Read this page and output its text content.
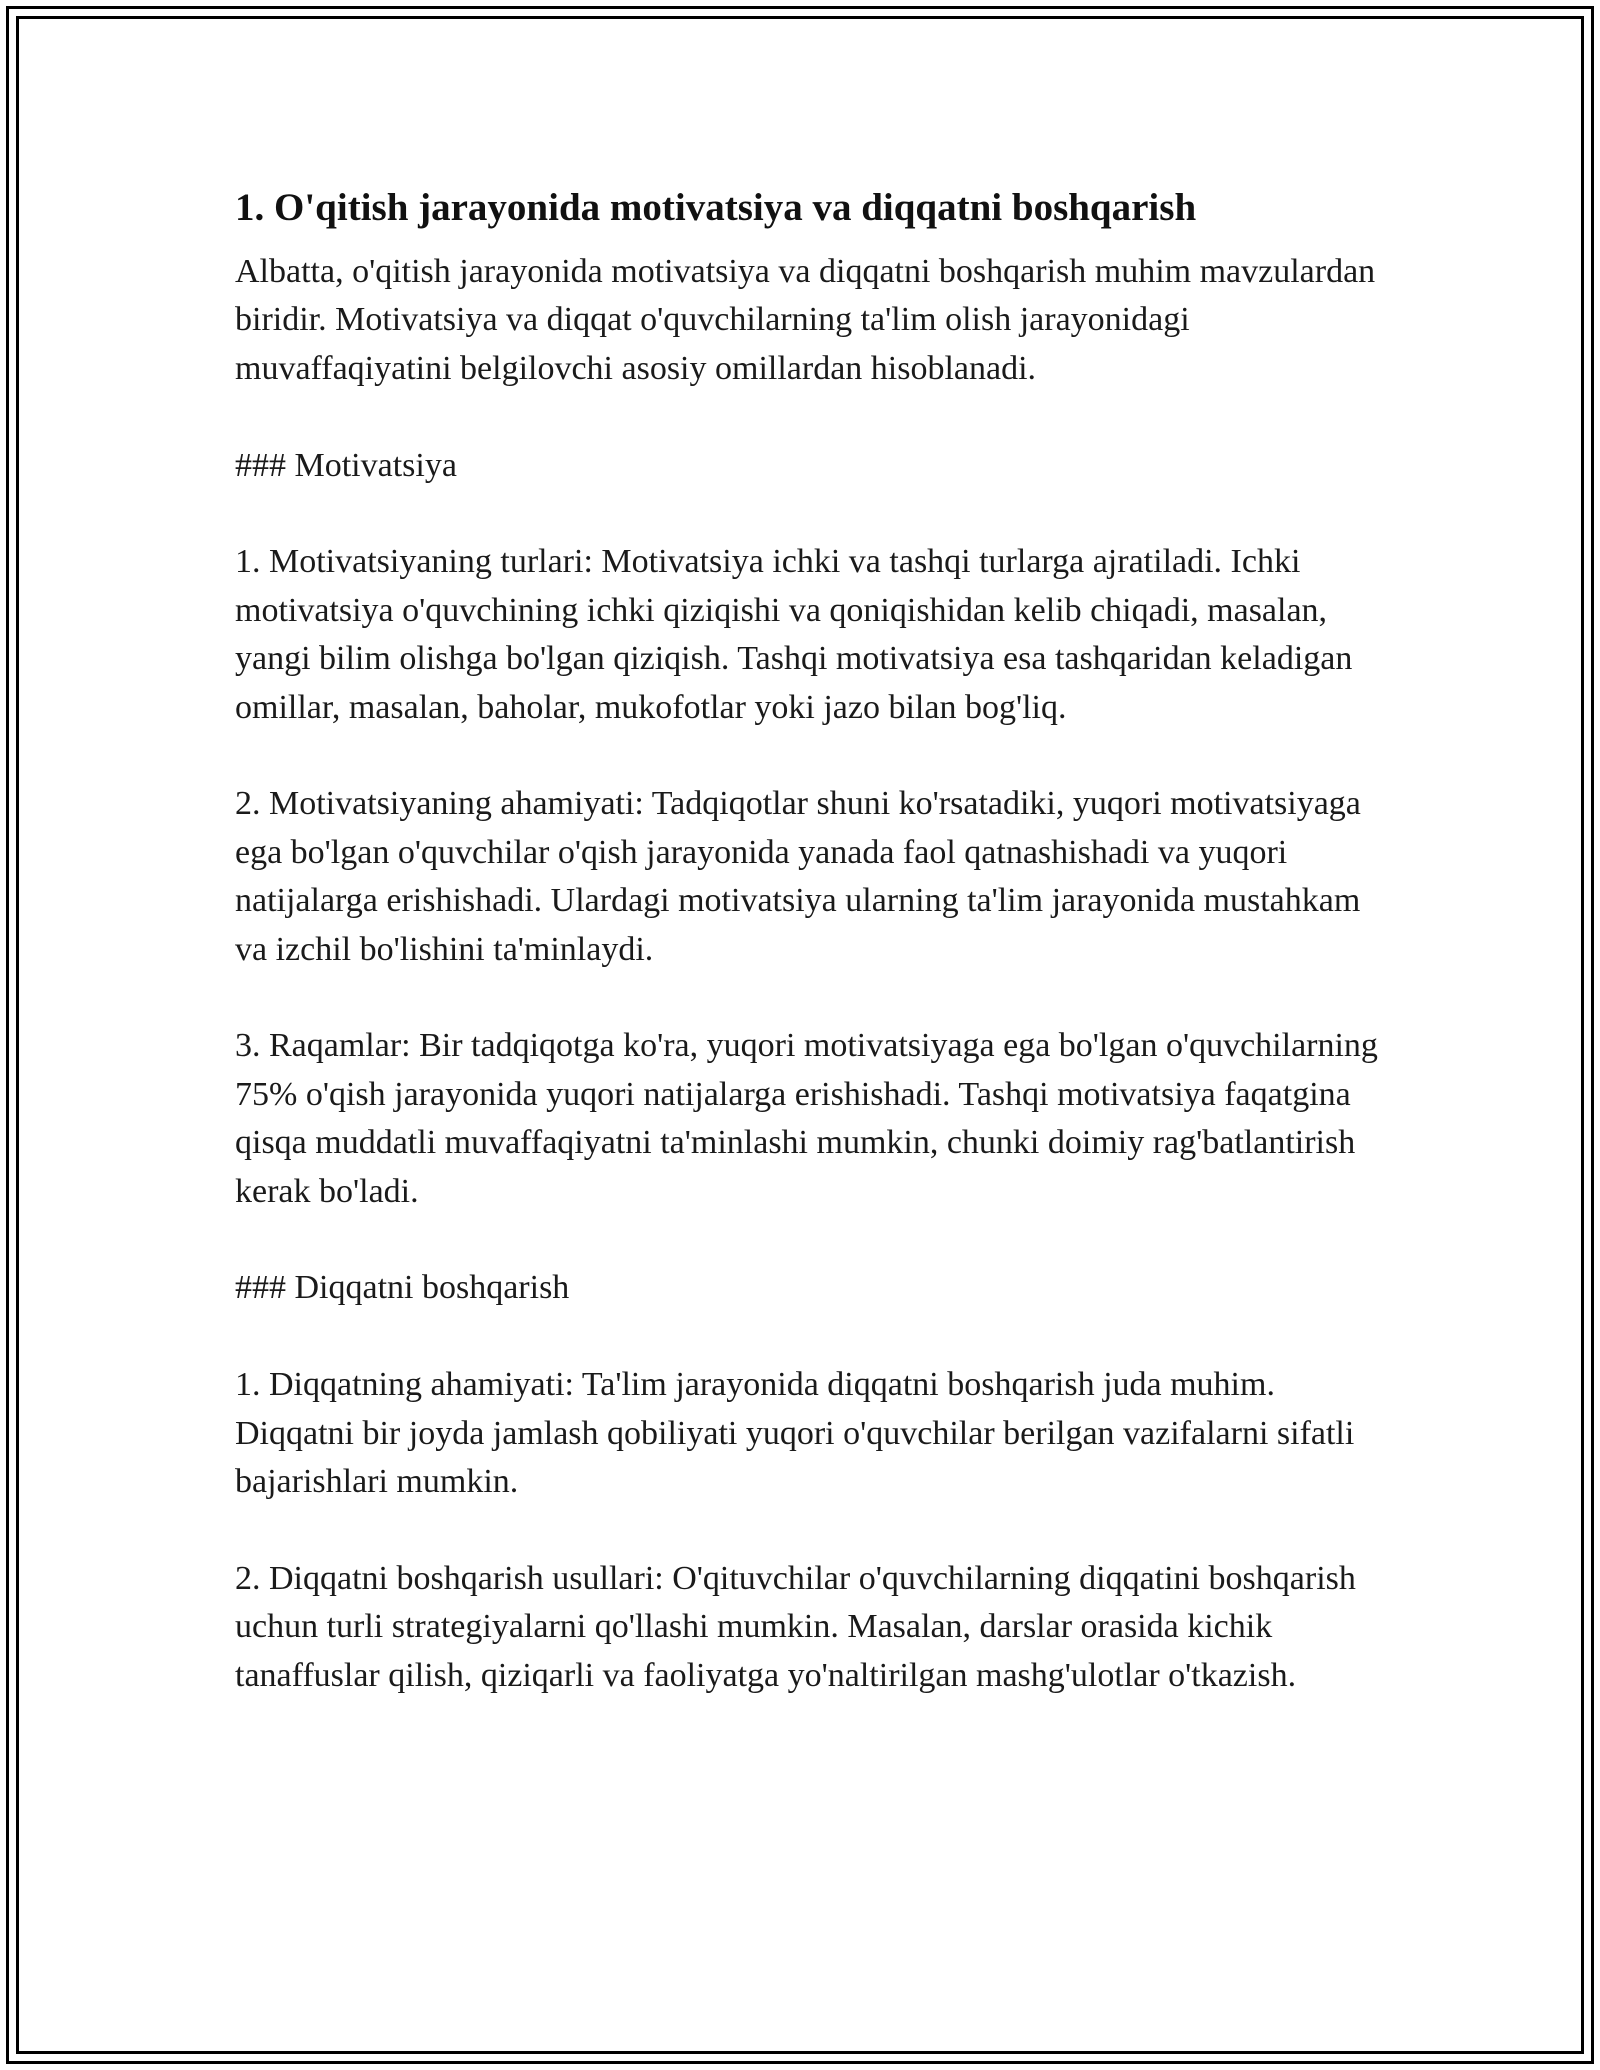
1. O'qitish jarayonida motivatsiya va diqqatni boshqarish

Albatta, o'qitish jarayonida motivatsiya va diqqatni boshqarish muhim mavzulardan biridir. Motivatsiya va diqqat o'quvchilarning ta'lim olish jarayonidagi muvaffaqiyatini belgilovchi asosiy omillardan hisoblanadi.

### Motivatsiya

1. Motivatsiyaning turlari: Motivatsiya ichki va tashqi turlarga ajratiladi. Ichki motivatsiya o'quvchining ichki qiziqishi va qoniqishidan kelib chiqadi, masalan, yangi bilim olishga bo'lgan qiziqish. Tashqi motivatsiya esa tashqaridan keladigan omillar, masalan, baholar, mukofotlar yoki jazo bilan bog'liq.

2. Motivatsiyaning ahamiyati: Tadqiqotlar shuni ko'rsatadiki, yuqori motivatsiyaga ega bo'lgan o'quvchilar o'qish jarayonida yanada faol qatnashishadi va yuqori natijalarga erishishadi. Ulardagi motivatsiya ularning ta'lim jarayonida mustahkam va izchil bo'lishini ta'minlaydi.

3. Raqamlar: Bir tadqiqotga ko'ra, yuqori motivatsiyaga ega bo'lgan o'quvchilarning 75% o'qish jarayonida yuqori natijalarga erishishadi. Tashqi motivatsiya faqatgina qisqa muddatli muvaffaqiyatni ta'minlashi mumkin, chunki doimiy rag'batlantirish kerak bo'ladi.

### Diqqatni boshqarish

1. Diqqatning ahamiyati: Ta'lim jarayonida diqqatni boshqarish juda muhim. Diqqatni bir joyda jamlash qobiliyati yuqori o'quvchilar berilgan vazifalarni sifatli bajarishlari mumkin.

2. Diqqatni boshqarish usullari: O'qituvchilar o'quvchilarning diqqatini boshqarish uchun turli strategiyalarni qo'llashi mumkin. Masalan, darslar orasida kichik tanaffuslar qilish, qiziqarli va faoliyatga yo'naltirilgan mashg'ulotlar o'tkazish.
